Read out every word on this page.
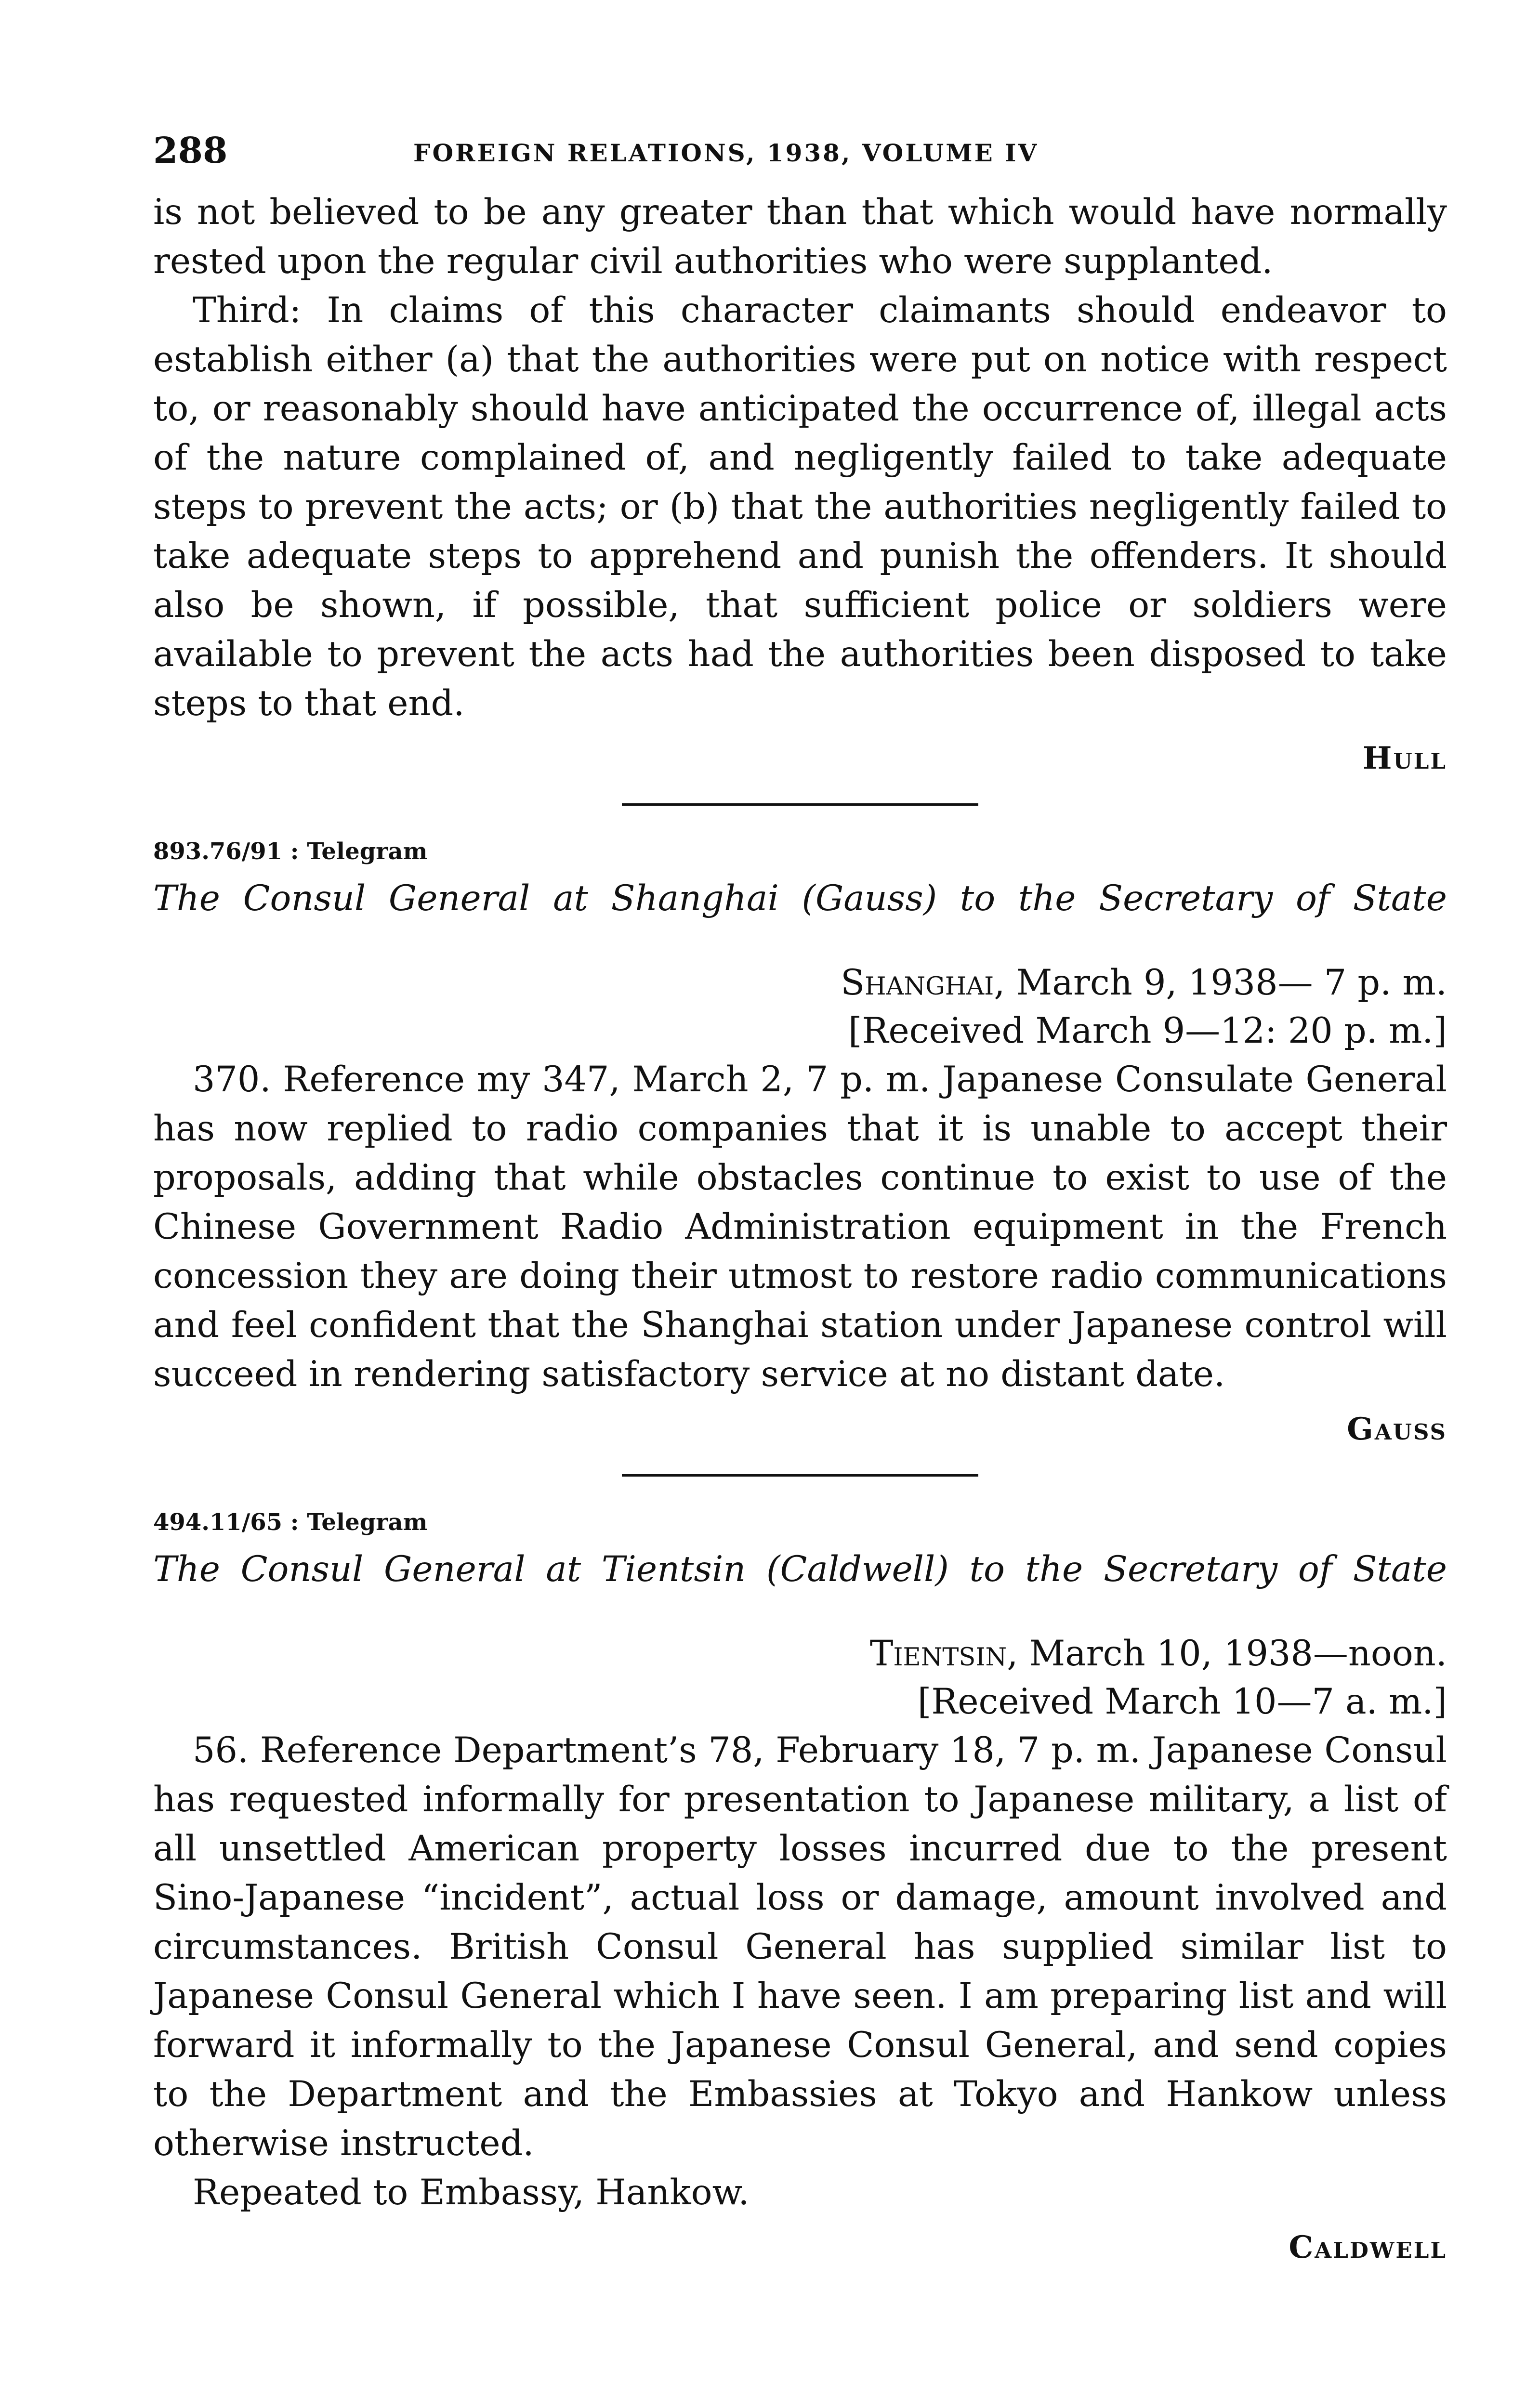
288	FOREIGN RELATIONS, 1938, VOLUME IV

is not believed to be any greater than that which would have normally rested upon the regular civil authorities who were supplanted.

Third: In claims of this character claimants should endeavor to establish either (a) that the authorities were put on notice with respect to, or reasonably should have anticipated the occurrence of, illegal acts of the nature complained of, and negligently failed to take adequate steps to prevent the acts; or (b) that the authorities negligently failed to take adequate steps to apprehend and punish the offenders. It should also be shown, if possible, that sufficient police or soldiers were available to prevent the acts had the authorities been disposed to take steps to that end.

Hull
893.76/91 : Telegram
The Consul General at Shanghai (Gauss) to the Secretary of State
Shanghai, March 9, 1938— 7 p. m.
[Received March 9—12: 20 p. m.]

370. Reference my 347, March 2, 7 p. m. Japanese Consulate General has now replied to radio companies that it is unable to accept their proposals, adding that while obstacles continue to exist to use of the Chinese Government Radio Administration equipment in the French concession they are doing their utmost to restore radio communications and feel confident that the Shanghai station under Japanese control will succeed in rendering satisfactory service at no distant date.

Gauss
494.11/65 : Telegram
The Consul General at Tientsin (Caldwell) to the Secretary of State
Tientsin, March 10, 1938—noon.
[Received March 10—7 a. m.]

56. Reference Department’s 78, February 18, 7 p. m. Japanese Consul has requested informally for presentation to Japanese military, a list of all unsettled American property losses incurred due to the present Sino-Japanese “incident”, actual loss or damage, amount involved and circumstances. British Consul General has supplied similar list to Japanese Consul General which I have seen. I am preparing list and will forward it informally to the Japanese Consul General, and send copies to the Department and the Embassies at Tokyo and Hankow unless otherwise instructed.

Repeated to Embassy, Hankow.

Caldwell
